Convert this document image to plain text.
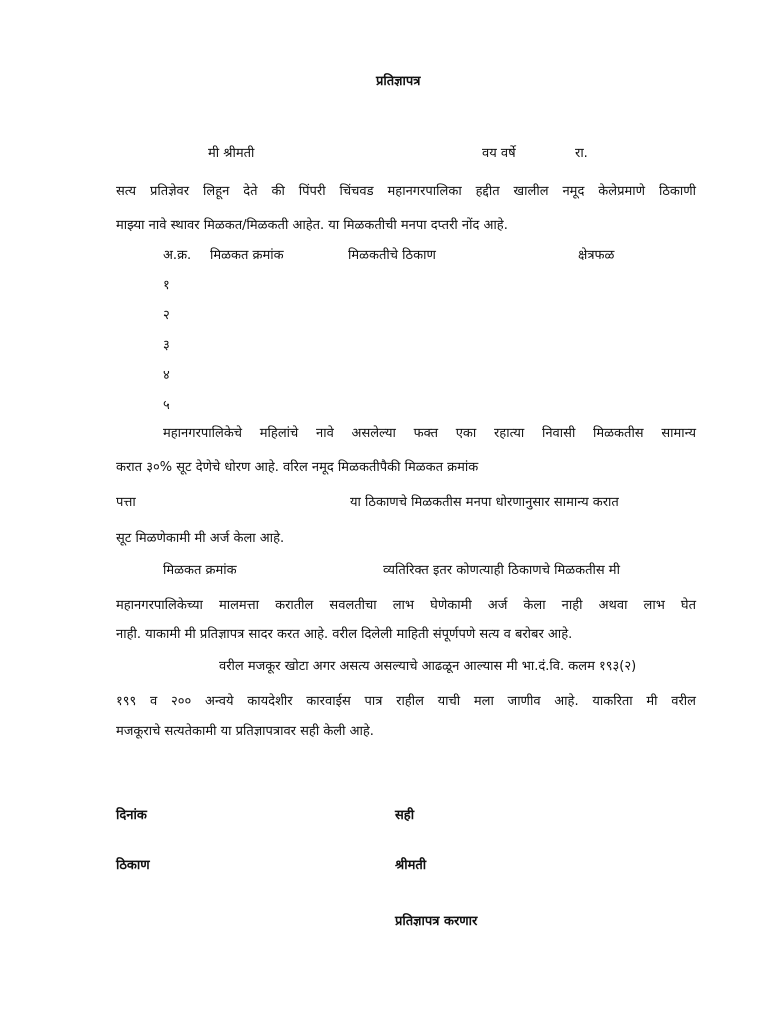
प्रतिज्ञापत्र
मी श्रीमती	वय वर्षे	रा.
सत्य प्रतिज्ञेवर लिहून देते की पिंपरी चिंचवड महानगरपालिका हद्दीत खालील नमूद केलेप्रमाणे ठिकाणी
माझ्या नावे स्थावर मिळकत/मिळकती आहेत. या मिळकतीची मनपा दप्तरी नोंद आहे.
अ.क्र. मिळकत क्रमांक	मिळकतीचे ठिकाण	क्षेत्रफळ
१
२
३
४
५
महानगरपालिकेचे महिलांचे नावे असलेल्या फक्त एका रहात्या निवासी मिळकतीस सामान्य
करात ३०% सूट देणेचे धोरण आहे. वरिल नमूद मिळकतीपैकी मिळकत क्रमांक
पत्ता	या ठिकाणचे मिळकतीस मनपा धोरणानुसार सामान्य करात
सूट मिळणेकामी मी अर्ज केला आहे.
मिळकत क्रमांक	व्यतिरिक्त इतर कोणत्याही ठिकाणचे मिळकतीस मी
महानगरपालिकेच्या मालमत्ता करातील सवलतीचा लाभ घेणेकामी अर्ज केला नाही अथवा लाभ घेत
नाही. याकामी मी प्रतिज्ञापत्र सादर करत आहे. वरील दिलेली माहिती संपूर्णपणे सत्य व बरोबर आहे.
वरील मजकूर खोटा अगर असत्य असल्याचे आढळून आल्यास मी भा.दं.वि. कलम १९३(२)
१९९ व २०० अन्वये कायदेशीर कारवाईस पात्र राहील याची मला जाणीव आहे. याकरिता मी वरील
मजकूराचे सत्यतेकामी या प्रतिज्ञापत्रावर सही केली आहे.
दिनांक	सही
ठिकाण	श्रीमती
प्रतिज्ञापत्र करणार
